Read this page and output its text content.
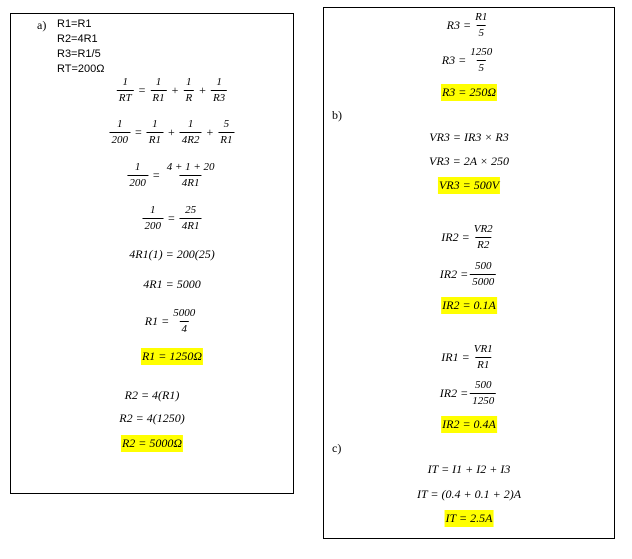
a) R1=R1
R2=4R1
R3=R1/5
RT=200Ω
$\frac{1}{RT} = \frac{1}{R1} + \frac{1}{R} + \frac{1}{R3}$
$\frac{1}{200} = \frac{1}{R1} + \frac{1}{4R2} + \frac{5}{R1}$
$\frac{1}{200} = \frac{4 + 1 + 20}{4R1}$
$\frac{1}{200} = \frac{25}{4R1}$
4R1(1) = 200(25)
4R1 = 5000
$R1 = \frac{5000}{4}$
R1 = 1250Ω
R2 = 4(R1)
R2 = 4(1250)
R2 = 5000Ω
$R3 = \frac{R1}{5}$
$R3 = \frac{1250}{5}$
R3 = 250Ω
b)
VR3 = IR3 × R3
VR3 = 2A × 250
VR3 = 500V
$IR2 = \frac{VR2}{R2}$
$IR2 = \frac{500}{5000}$
IR2 = 0.1A
$IR1 = \frac{VR1}{R1}$
$IR2 = \frac{500}{1250}$
IR2 = 0.4A
c)
IT = I1 + I2 + I3
IT = (0.4 + 0.1 + 2)A
IT = 2.5A
